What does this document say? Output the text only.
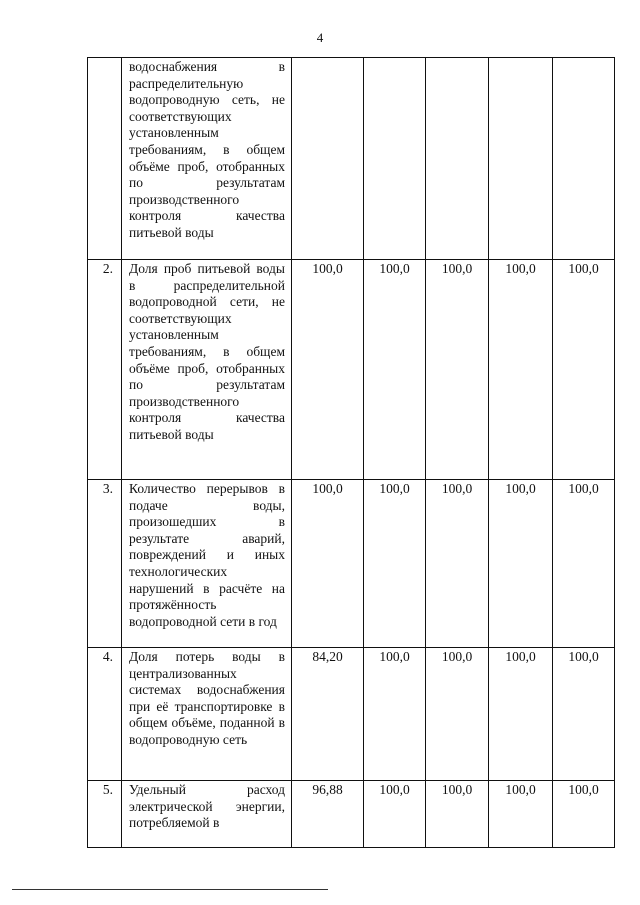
4
	водоснабжения в распределительную водопроводную сеть, не соответствующих установленным требованиям, в общем объёме проб, отобранных по результатам производственного контроля качества питьевой воды					
2.	Доля проб питьевой воды в распределительной водопроводной сети, не соответствующих установленным требованиям, в общем объёме проб, отобранных по результатам производственного контроля качества питьевой воды	100,0	100,0	100,0	100,0	100,0
3.	Количество перерывов в подаче воды, произошедших в результате аварий, повреждений и иных технологических нарушений в расчёте на протяжённость водопроводной сети в год	100,0	100,0	100,0	100,0	100,0
4.	Доля потерь воды в централизованных системах водоснабжения при её транспортировке в общем объёме, поданной в водопроводную сеть	84,20	100,0	100,0	100,0	100,0
5.	Удельный расход электрической энергии, потребляемой в	96,88	100,0	100,0	100,0	100,0
